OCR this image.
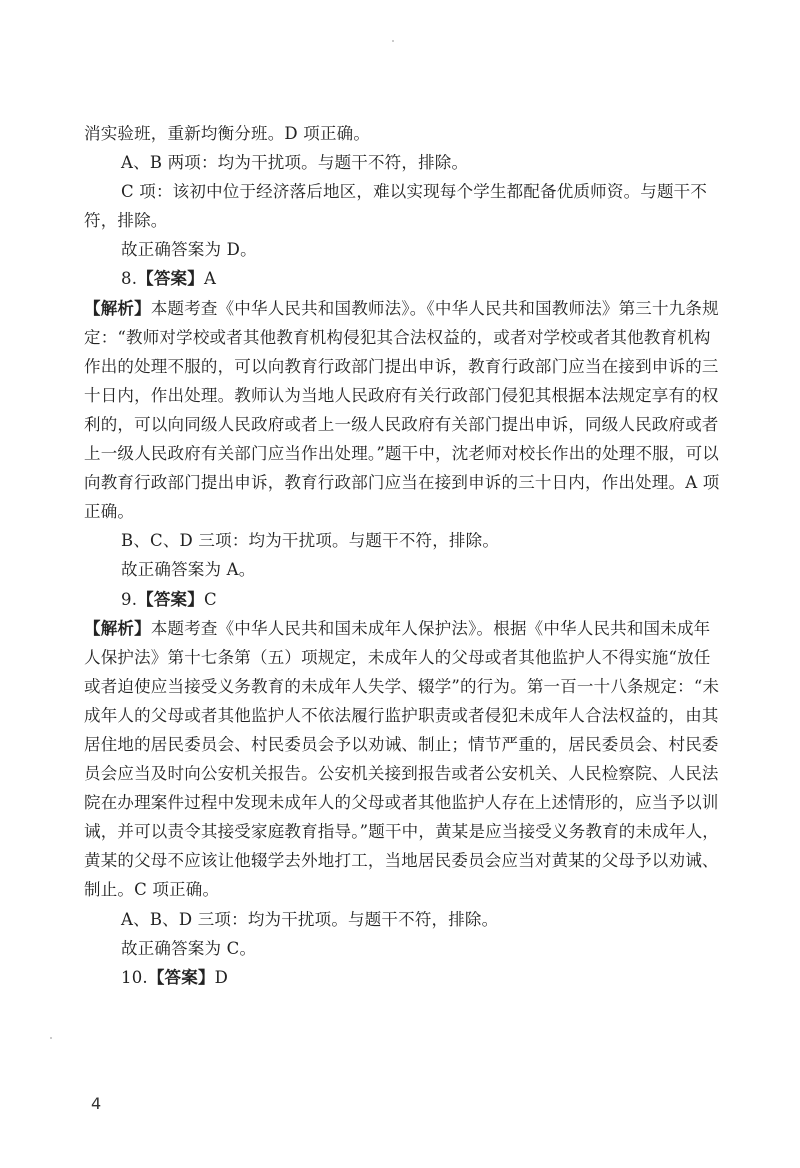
消实验班，重新均衡分班。D 项正确。

A、B 两项：均为干扰项。与题干不符，排除。

C 项：该初中位于经济落后地区，难以实现每个学生都配备优质师资。与题干不符，排除。

故正确答案为 D。

8.【答案】A

【解析】本题考查《中华人民共和国教师法》。《中华人民共和国教师法》第三十九条规定：“教师对学校或者其他教育机构侵犯其合法权益的，或者对学校或者其他教育机构作出的处理不服的，可以向教育行政部门提出申诉，教育行政部门应当在接到申诉的三十日内，作出处理。教师认为当地人民政府有关行政部门侵犯其根据本法规定享有的权利的，可以向同级人民政府或者上一级人民政府有关部门提出申诉，同级人民政府或者上一级人民政府有关部门应当作出处理。”题干中，沈老师对校长作出的处理不服，可以向教育行政部门提出申诉，教育行政部门应当在接到申诉的三十日内，作出处理。A 项正确。

B、C、D 三项：均为干扰项。与题干不符，排除。

故正确答案为 A。

9.【答案】C

【解析】本题考查《中华人民共和国未成年人保护法》。根据《中华人民共和国未成年人保护法》第十七条第（五）项规定，未成年人的父母或者其他监护人不得实施“放任或者迫使应当接受义务教育的未成年人失学、辍学”的行为。第一百一十八条规定：“未成年人的父母或者其他监护人不依法履行监护职责或者侵犯未成年人合法权益的，由其居住地的居民委员会、村民委员会予以劝诫、制止；情节严重的，居民委员会、村民委员会应当及时向公安机关报告。公安机关接到报告或者公安机关、人民检察院、人民法院在办理案件过程中发现未成年人的父母或者其他监护人存在上述情形的，应当予以训诫，并可以责令其接受家庭教育指导。”题干中，黄某是应当接受义务教育的未成年人，黄某的父母不应该让他辍学去外地打工，当地居民委员会应当对黄某的父母予以劝诫、制止。C 项正确。

A、B、D 三项：均为干扰项。与题干不符，排除。

故正确答案为 C。

10.【答案】D

4
